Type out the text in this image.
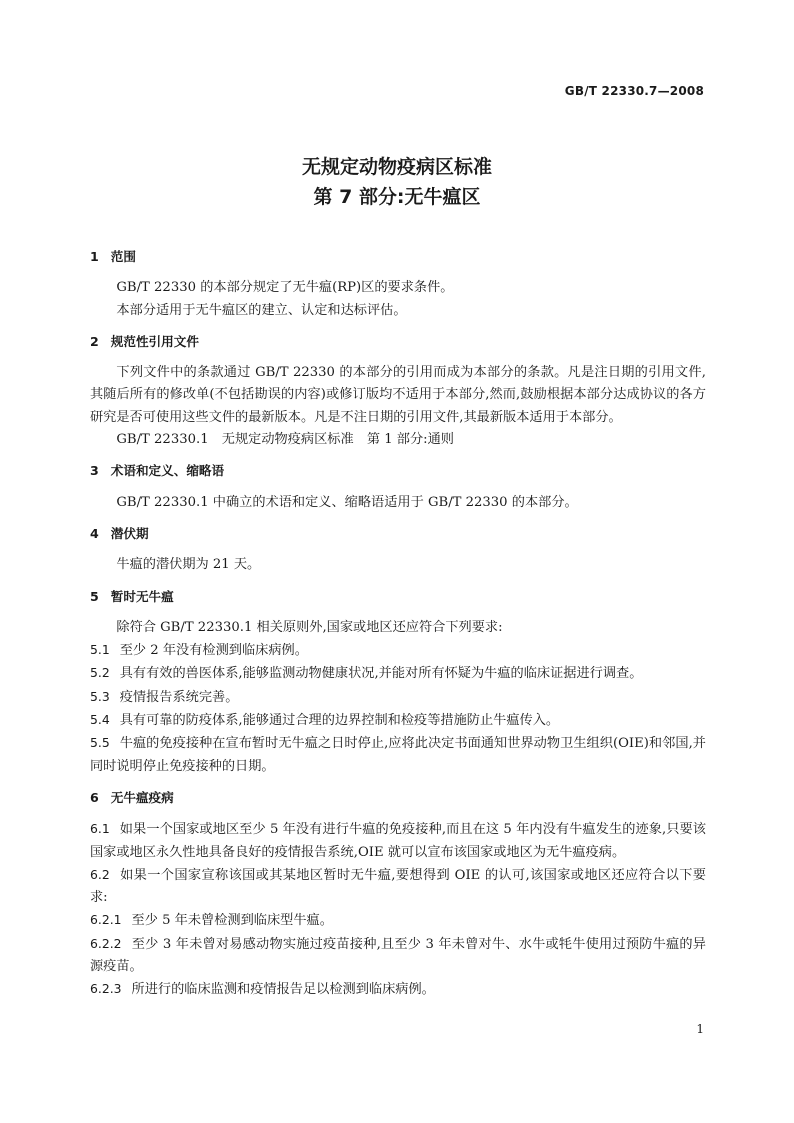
GB/T 22330.7—2008
无规定动物疫病区标准
第 7 部分:无牛瘟区
1 范围

GB/T 22330 的本部分规定了无牛瘟(RP)区的要求条件。

本部分适用于无牛瘟区的建立、认定和达标评估。

2 规范性引用文件

下列文件中的条款通过 GB/T 22330 的本部分的引用而成为本部分的条款。凡是注日期的引用文件,其随后所有的修改单(不包括勘误的内容)或修订版均不适用于本部分,然而,鼓励根据本部分达成协议的各方研究是否可使用这些文件的最新版本。凡是不注日期的引用文件,其最新版本适用于本部分。

GB/T 22330.1　无规定动物疫病区标准　第 1 部分:通则

3 术语和定义、缩略语

GB/T 22330.1 中确立的术语和定义、缩略语适用于 GB/T 22330 的本部分。

4 潜伏期

牛瘟的潜伏期为 21 天。

5 暂时无牛瘟

除符合 GB/T 22330.1 相关原则外,国家或地区还应符合下列要求:

5.1 至少 2 年没有检测到临床病例。

5.2 具有有效的兽医体系,能够监测动物健康状况,并能对所有怀疑为牛瘟的临床证据进行调查。

5.3 疫情报告系统完善。

5.4 具有可靠的防疫体系,能够通过合理的边界控制和检疫等措施防止牛瘟传入。

5.5 牛瘟的免疫接种在宣布暂时无牛瘟之日时停止,应将此决定书面通知世界动物卫生组织(OIE)和邻国,并同时说明停止免疫接种的日期。

6 无牛瘟疫病

6.1 如果一个国家或地区至少 5 年没有进行牛瘟的免疫接种,而且在这 5 年内没有牛瘟发生的迹象,只要该国家或地区永久性地具备良好的疫情报告系统,OIE 就可以宣布该国家或地区为无牛瘟疫病。

6.2 如果一个国家宣称该国或其某地区暂时无牛瘟,要想得到 OIE 的认可,该国家或地区还应符合以下要求:

6.2.1 至少 5 年未曾检测到临床型牛瘟。

6.2.2 至少 3 年未曾对易感动物实施过疫苗接种,且至少 3 年未曾对牛、水牛或牦牛使用过预防牛瘟的异源疫苗。

6.2.3 所进行的临床监测和疫情报告足以检测到临床病例。

1
